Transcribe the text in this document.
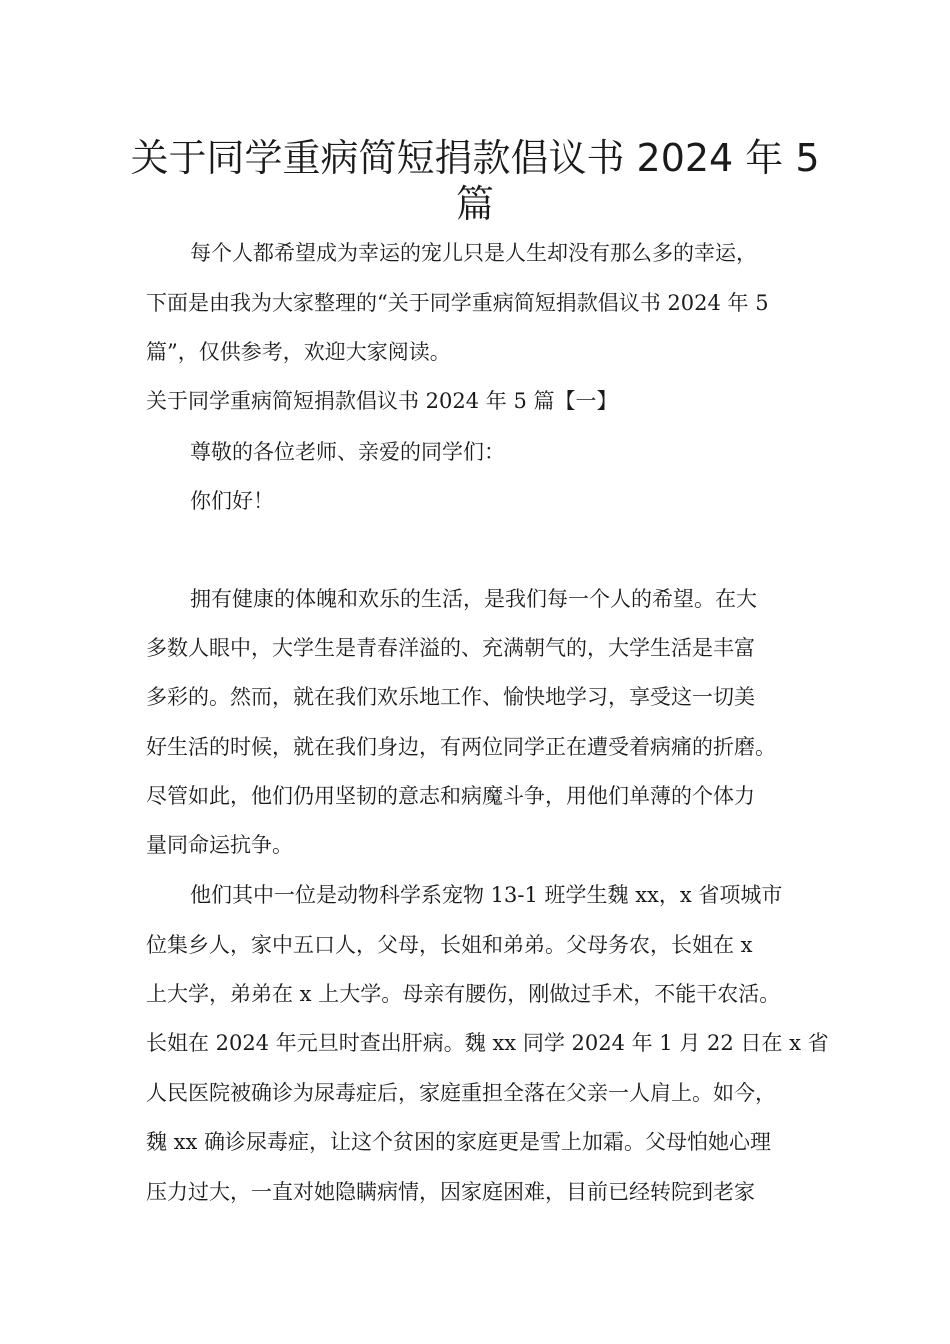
关于同学重病简短捐款倡议书 2024 年 5
篇

每个人都希望成为幸运的宠儿只是人生却没有那么多的幸运，

下面是由我为大家整理的“关于同学重病简短捐款倡议书 2024 年 5

篇”，仅供参考，欢迎大家阅读。

关于同学重病简短捐款倡议书 2024 年 5 篇【一】

尊敬的各位老师、亲爱的同学们：

你们好！

拥有健康的体魄和欢乐的生活，是我们每一个人的希望。在大

多数人眼中，大学生是青春洋溢的、充满朝气的，大学生活是丰富

多彩的。然而，就在我们欢乐地工作、愉快地学习，享受这一切美

好生活的时候，就在我们身边，有两位同学正在遭受着病痛的折磨。

尽管如此，他们仍用坚韧的意志和病魔斗争，用他们单薄的个体力

量同命运抗争。

他们其中一位是动物科学系宠物 13-1 班学生魏 xx，x 省项城市

位集乡人，家中五口人，父母，长姐和弟弟。父母务农，长姐在 x

上大学，弟弟在 x 上大学。母亲有腰伤，刚做过手术，不能干农活。

长姐在 2024 年元旦时查出肝病。魏 xx 同学 2024 年 1 月 22 日在 x 省

人民医院被确诊为尿毒症后，家庭重担全落在父亲一人肩上。如今，

魏 xx 确诊尿毒症，让这个贫困的家庭更是雪上加霜。父母怕她心理

压力过大，一直对她隐瞒病情，因家庭困难，目前已经转院到老家
